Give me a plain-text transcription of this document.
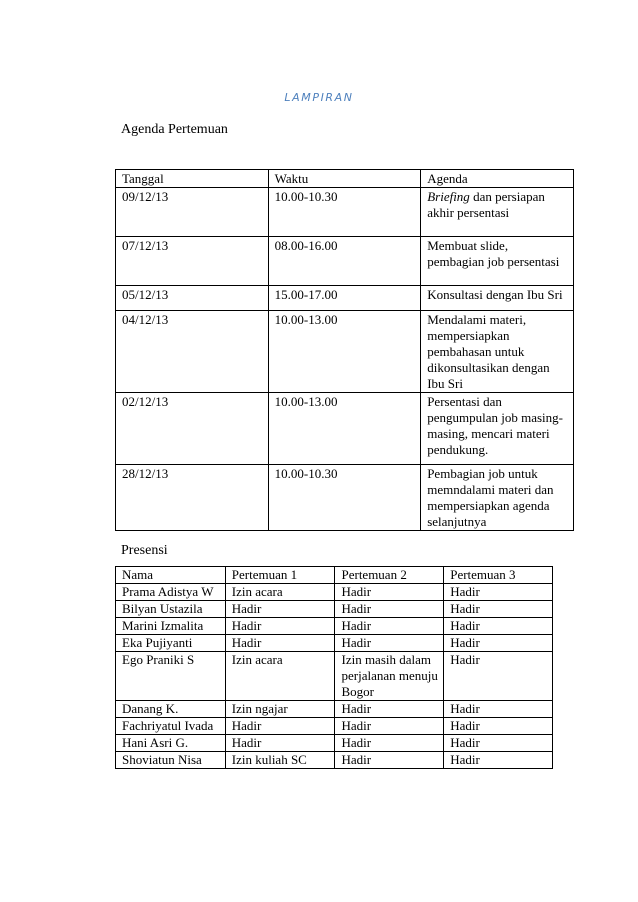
LAMPIRAN
Agenda Pertemuan
Tanggal	Waktu	Agenda
09/12/13	10.00-10.30	Briefing dan persiapan akhir persentasi
07/12/13	08.00-16.00	Membuat slide, pembagian job persentasi
05/12/13	15.00-17.00	Konsultasi dengan Ibu Sri
04/12/13	10.00-13.00	Mendalami materi, mempersiapkan pembahasan untuk dikonsultasikan dengan Ibu Sri
02/12/13	10.00-13.00	Persentasi dan pengumpulan job masing-masing, mencari materi pendukung.
28/12/13	10.00-10.30	Pembagian job untuk memndalami materi dan mempersiapkan agenda selanjutnya
Presensi
Nama	Pertemuan 1	Pertemuan 2	Pertemuan 3
Prama Adistya W	Izin acara	Hadir	Hadir
Bilyan Ustazila	Hadir	Hadir	Hadir
Marini Izmalita	Hadir	Hadir	Hadir
Eka Pujiyanti	Hadir	Hadir	Hadir
Ego Praniki S	Izin acara	Izin masih dalam perjalanan menuju Bogor	Hadir
Danang K.	Izin ngajar	Hadir	Hadir
Fachriyatul Ivada	Hadir	Hadir	Hadir
Hani Asri G.	Hadir	Hadir	Hadir
Shoviatun Nisa	Izin kuliah SC	Hadir	Hadir
